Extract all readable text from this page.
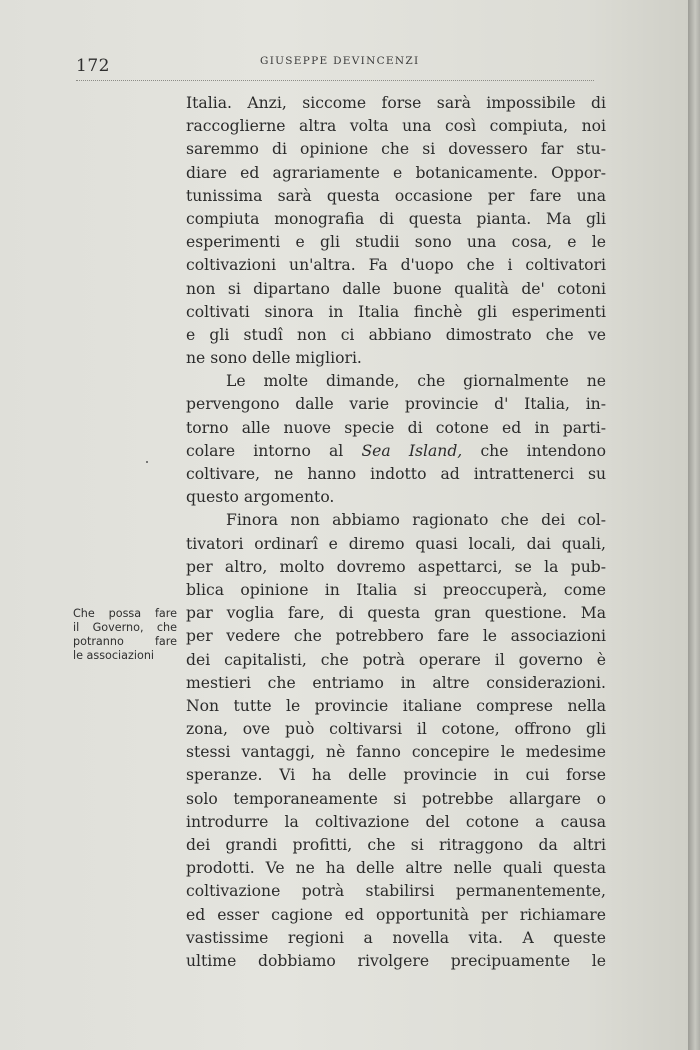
172	GIUSEPPE DEVINCENZI
Che possa fare
il Governo, che
potranno fare
le associazioni
Italia. Anzi, siccome forse sarà impossibile di
raccoglierne altra volta una così compiuta, noi
saremmo di opinione che si dovessero far stu-
diare ed agrariamente e botanicamente. Oppor-
tunissima sarà questa occasione per fare una
compiuta monografia di questa pianta. Ma gli
esperimenti e gli studii sono una cosa, e le
coltivazioni un'altra. Fa d'uopo che i coltivatori
non si dipartano dalle buone qualità de' cotoni
coltivati sinora in Italia finchè gli esperimenti
e gli studî non ci abbiano dimostrato che ve
ne sono delle migliori.
Le molte dimande, che giornalmente ne
pervengono dalle varie provincie d' Italia, in-
torno alle nuove specie di cotone ed in parti-
colare intorno al Sea Island, che intendono
coltivare, ne hanno indotto ad intrattenerci su
questo argomento.
Finora non abbiamo ragionato che dei col-
tivatori ordinarî e diremo quasi locali, dai quali,
per altro, molto dovremo aspettarci, se la pub-
blica opinione in Italia si preoccuperà, come
par voglia fare, di questa gran questione. Ma
per vedere che potrebbero fare le associazioni
dei capitalisti, che potrà operare il governo è
mestieri che entriamo in altre considerazioni.
Non tutte le provincie italiane comprese nella
zona, ove può coltivarsi il cotone, offrono gli
stessi vantaggi, nè fanno concepire le medesime
speranze. Vi ha delle provincie in cui forse
solo temporaneamente si potrebbe allargare o
introdurre la coltivazione del cotone a causa
dei grandi profitti, che si ritraggono da altri
prodotti. Ve ne ha delle altre nelle quali questa
coltivazione potrà stabilirsi permanentemente,
ed esser cagione ed opportunità per richiamare
vastissime regioni a novella vita. A queste
ultime dobbiamo rivolgere precipuamente le
